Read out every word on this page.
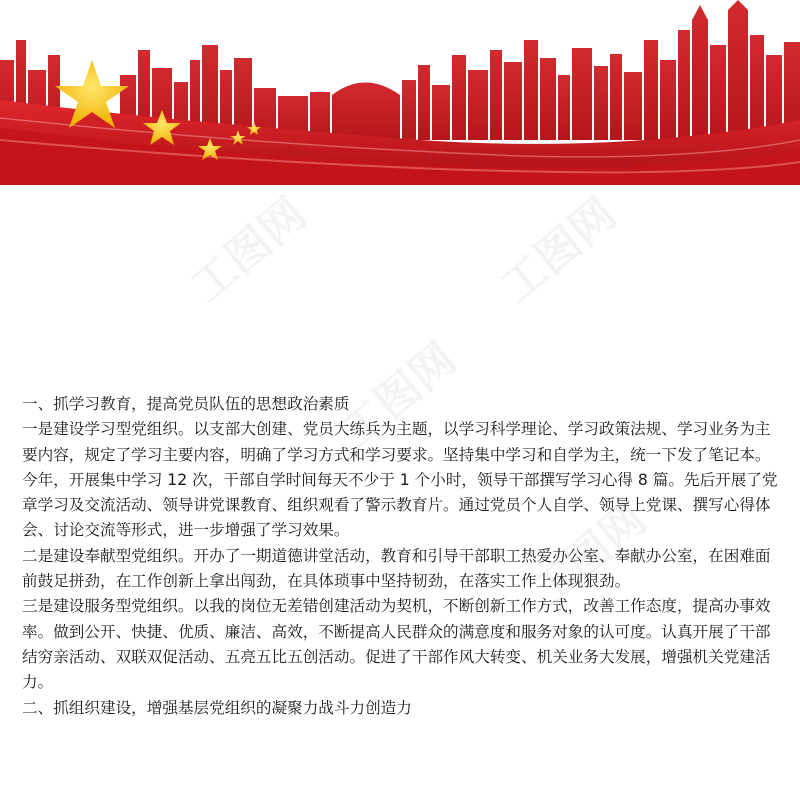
工图网	工图网
工图网
工图网

一、抓学习教育，提高党员队伍的思想政治素质

一是建设学习型党组织。以支部大创建、党员大练兵为主题，以学习科学理论、学习政策法规、学习业务为主要内容，规定了学习主要内容，明确了学习方式和学习要求。坚持集中学习和自学为主，统一下发了笔记本。今年，开展集中学习 12 次，干部自学时间每天不少于 1 个小时，领导干部撰写学习心得 8 篇。先后开展了党章学习及交流活动、领导讲党课教育、组织观看了警示教育片。通过党员个人自学、领导上党课、撰写心得体会、讨论交流等形式，进一步增强了学习效果。

二是建设奉献型党组织。开办了一期道德讲堂活动，教育和引导干部职工热爱办公室、奉献办公室，在困难面前鼓足拼劲，在工作创新上拿出闯劲，在具体琐事中坚持韧劲，在落实工作上体现狠劲。

三是建设服务型党组织。以我的岗位无差错创建活动为契机，不断创新工作方式，改善工作态度，提高办事效率。做到公开、快捷、优质、廉洁、高效，不断提高人民群众的满意度和服务对象的认可度。认真开展了干部结穷亲活动、双联双促活动、五亮五比五创活动。促进了干部作风大转变、机关业务大发展，增强机关党建活力。

二、抓组织建设，增强基层党组织的凝聚力战斗力创造力
